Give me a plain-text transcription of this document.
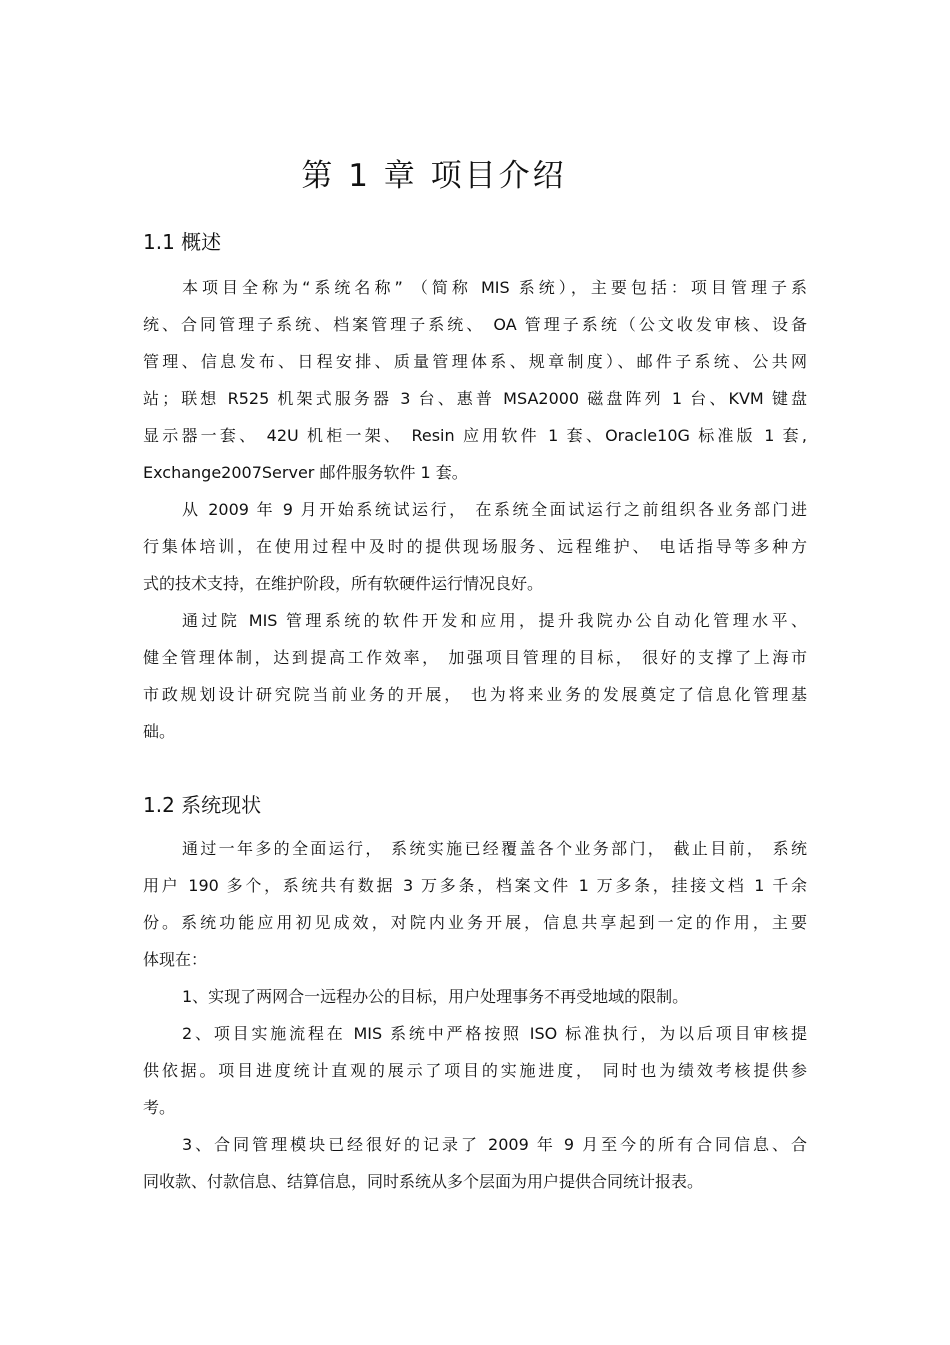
第 1 章 项目介绍
1.1 概述

本项目全称为“系统名称” （简称 MIS 系统），主要包括：项目管理子系
统、合同管理子系统、档案管理子系统、 OA 管理子系统（公文收发审核、设备
管理、信息发布、日程安排、质量管理体系、规章制度）、邮件子系统、公共网
站；联想 R525 机架式服务器 3 台、惠普 MSA2000 磁盘阵列 1 台、KVM 键盘
显示器一套、 42U 机柜一架、 Resin 应用软件 1 套、Oracle10G 标准版 1 套,
Exchange2007Server 邮件服务软件 1 套。

从 2009 年 9 月开始系统试运行， 在系统全面试运行之前组织各业务部门进
行集体培训，在使用过程中及时的提供现场服务、远程维护、 电话指导等多种方
式的技术支持，在维护阶段，所有软硬件运行情况良好。

通过院 MIS 管理系统的软件开发和应用，提升我院办公自动化管理水平、
健全管理体制，达到提高工作效率， 加强项目管理的目标， 很好的支撑了上海市
市政规划设计研究院当前业务的开展， 也为将来业务的发展奠定了信息化管理基
础。

1.2 系统现状

通过一年多的全面运行， 系统实施已经覆盖各个业务部门， 截止目前， 系统
用户 190 多个，系统共有数据 3 万多条，档案文件 1 万多条，挂接文档 1 千余
份。系统功能应用初见成效，对院内业务开展，信息共享起到一定的作用，主要
体现在：

1、实现了两网合一远程办公的目标，用户处理事务不再受地域的限制。

2、项目实施流程在 MIS 系统中严格按照 ISO 标准执行，为以后项目审核提
供依据。项目进度统计直观的展示了项目的实施进度， 同时也为绩效考核提供参
考。

3、合同管理模块已经很好的记录了 2009 年 9 月至今的所有合同信息、合
同收款、付款信息、结算信息，同时系统从多个层面为用户提供合同统计报表。
